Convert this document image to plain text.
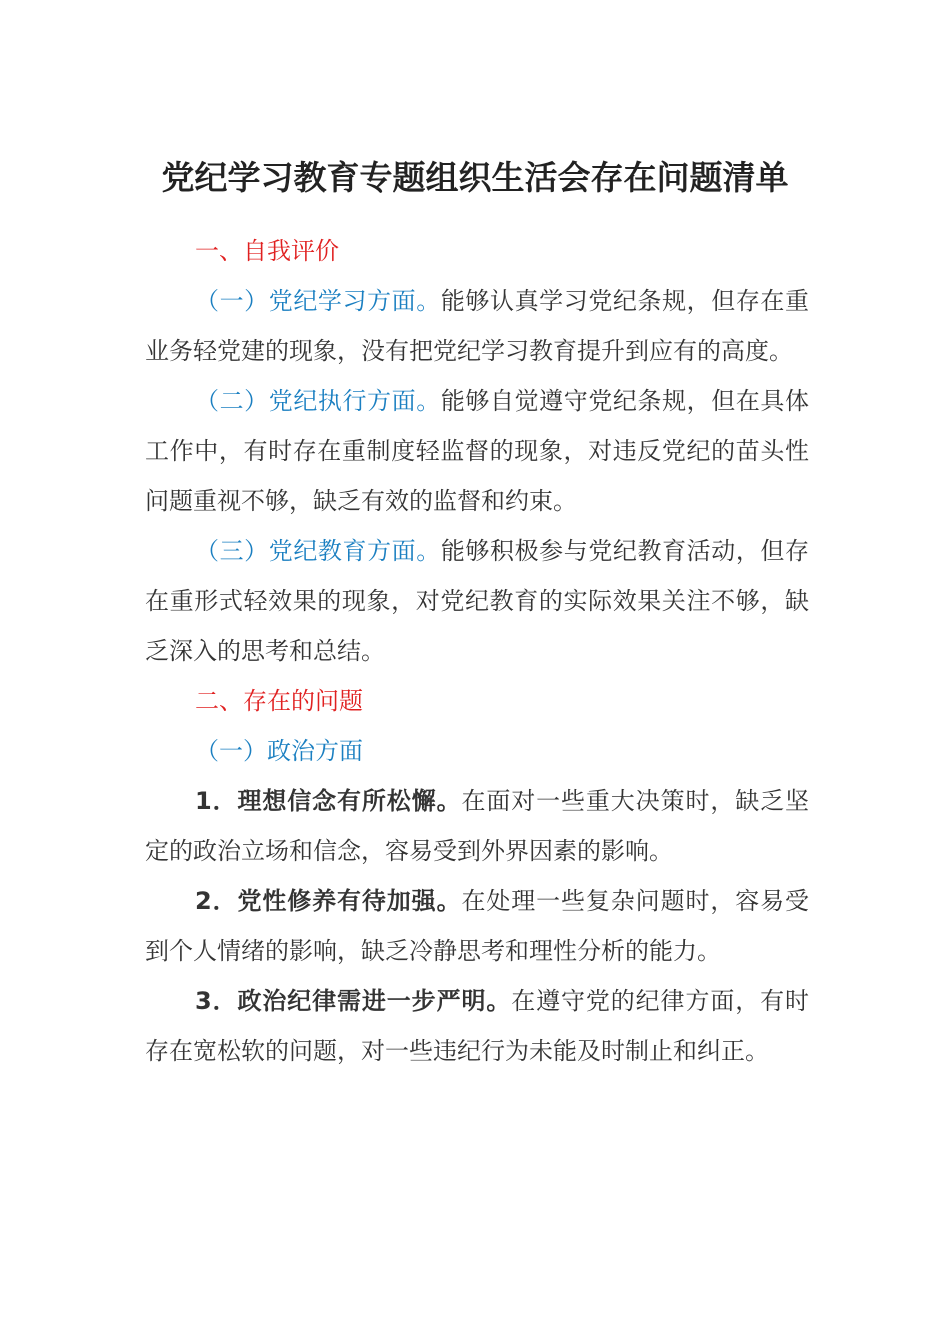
党纪学习教育专题组织生活会存在问题清单

一、自我评价

（一）党纪学习方面。能够认真学习党纪条规，但存在重业务轻党建的现象，没有把党纪学习教育提升到应有的高度。

（二）党纪执行方面。能够自觉遵守党纪条规，但在具体工作中，有时存在重制度轻监督的现象，对违反党纪的苗头性问题重视不够，缺乏有效的监督和约束。

（三）党纪教育方面。能够积极参与党纪教育活动，但存在重形式轻效果的现象，对党纪教育的实际效果关注不够，缺乏深入的思考和总结。

二、存在的问题

（一）政治方面

1．理想信念有所松懈。在面对一些重大决策时，缺乏坚定的政治立场和信念，容易受到外界因素的影响。

2．党性修养有待加强。在处理一些复杂问题时，容易受到个人情绪的影响，缺乏冷静思考和理性分析的能力。

3．政治纪律需进一步严明。在遵守党的纪律方面，有时存在宽松软的问题，对一些违纪行为未能及时制止和纠正。
